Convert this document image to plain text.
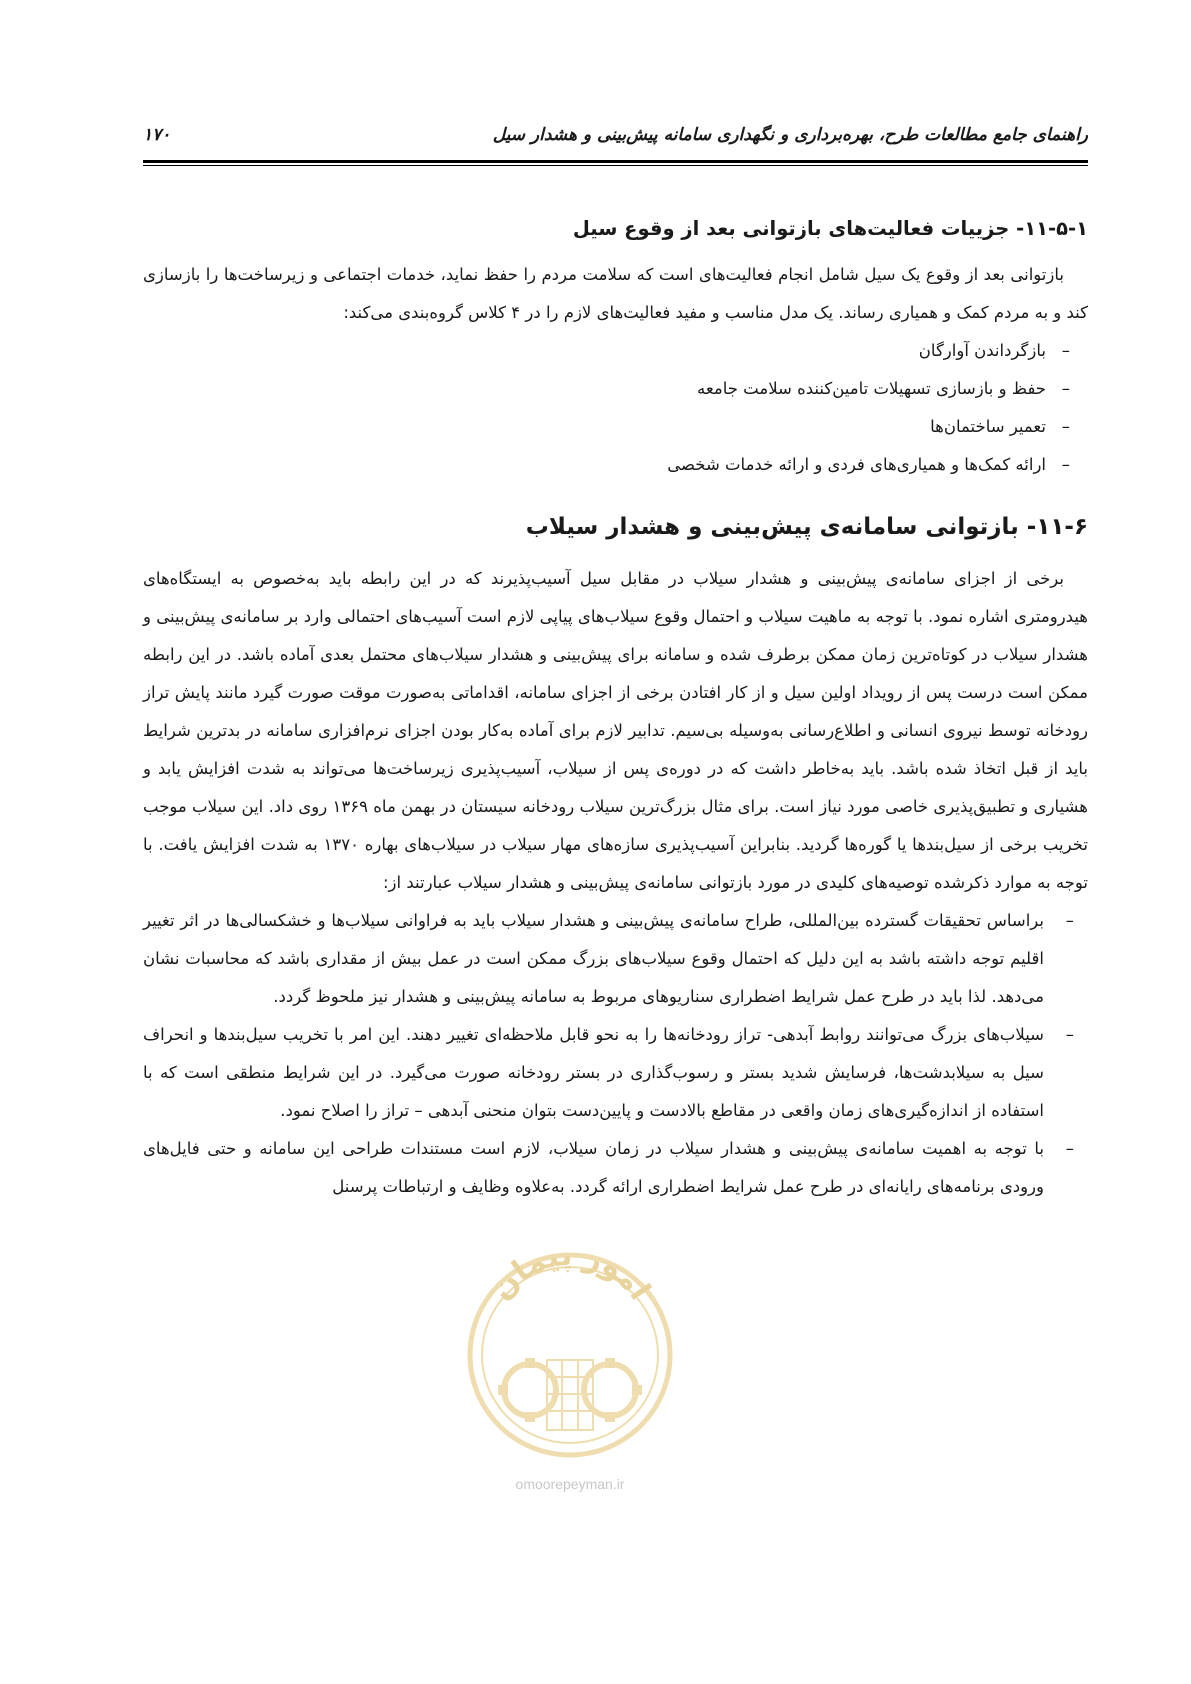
راهنمای جامع مطالعات طرح، بهره‌برداری و نگهداری سامانه پیش‌بینی و هشدار سیل
۱۷۰
۱۱-۵-۱- جزییات فعالیت‌های بازتوانی بعد از وقوع سیل

بازتوانی بعد از وقوع یک سیل شامل انجام فعالیت‌های است که سلامت مردم را حفظ نماید، خدمات اجتماعی و زیرساخت‌ها را بازسازی کند و به مردم کمک و همیاری رساند. یک مدل مناسب و مفید فعالیت‌های لازم را در ۴ کلاس گروه‌بندی می‌کند:

– بازگرداندن آوارگان
– حفظ و بازسازی تسهیلات تامین‌کننده سلامت جامعه
– تعمیر ساختمان‌ها
– ارائه کمک‌ها و همیاری‌های فردی و ارائه خدمات شخصی
۱۱-۶- بازتوانی سامانه‌ی پیش‌بینی و هشدار سیلاب

برخی از اجزای سامانه‌ی پیش‌بینی و هشدار سیلاب در مقابل سیل آسیب‌پذیرند که در این رابطه باید به‌خصوص به ایستگاه‌های هیدرومتری اشاره نمود. با توجه به ماهیت سیلاب و احتمال وقوع سیلاب‌های پیاپی لازم است آسیب‌های احتمالی وارد بر سامانه‌ی پیش‌بینی و هشدار سیلاب در کوتاه‌ترین زمان ممکن برطرف شده و سامانه برای پیش‌بینی و هشدار سیلاب‌های محتمل بعدی آماده باشد. در این رابطه ممکن است درست پس از رویداد اولین سیل و از کار افتادن برخی از اجزای سامانه، اقداماتی به‌صورت موقت صورت گیرد مانند پایش تراز رودخانه توسط نیروی انسانی و اطلاع‌رسانی به‌وسیله بی‌سیم. تدابیر لازم برای آماده به‌کار بودن اجزای نرم‌افزاری سامانه در بدترین شرایط باید از قبل اتخاذ شده باشد. باید به‌خاطر داشت که در دوره‌ی پس از سیلاب، آسیب‌پذیری زیرساخت‌ها می‌تواند به شدت افزایش یابد و هشیاری و تطبیق‌پذیری خاصی مورد نیاز است. برای مثال بزرگ‌ترین سیلاب رودخانه سیستان در بهمن ماه ۱۳۶۹ روی داد. این سیلاب موجب تخریب برخی از سیل‌بندها یا گوره‌ها گردید. بنابراین آسیب‌پذیری سازه‌های مهار سیلاب در سیلاب‌های بهاره ۱۳۷۰ به شدت افزایش یافت. با توجه به موارد ذکرشده توصیه‌های کلیدی در مورد بازتوانی سامانه‌ی پیش‌بینی و هشدار سیلاب عبارتند از:

– براساس تحقیقات گسترده بین‌المللی، طراح سامانه‌ی پیش‌بینی و هشدار سیلاب باید به فراوانی سیلاب‌ها و خشکسالی‌ها در اثر تغییر اقلیم توجه داشته باشد به این دلیل که احتمال وقوع سیلاب‌های بزرگ ممکن است در عمل بیش از مقداری باشد که محاسبات نشان می‌دهد. لذا باید در طرح عمل شرایط اضطراری سناریوهای مربوط به سامانه پیش‌بینی و هشدار نیز ملحوظ گردد.
– سیلاب‌های بزرگ می‌توانند روابط آبدهی- تراز رودخانه‌ها را به نحو قابل ملاحظه‌ای تغییر دهند. این امر با تخریب سیل‌بندها و انحراف سیل به سیلابدشت‌ها، فرسایش شدید بستر و رسوب‌گذاری در بستر رودخانه صورت می‌گیرد. در این شرایط منطقی است که با استفاده از اندازه‌گیری‌های زمان واقعی در مقاطع بالادست و پایین‌دست بتوان منحنی آبدهی – تراز را اصلاح نمود.
– با توجه به اهمیت سامانه‌ی پیش‌بینی و هشدار سیلاب در زمان سیلاب، لازم است مستندات طراحی این سامانه و حتی فایل‌های ورودی برنامه‌های رایانه‌ای در طرح عمل شرایط اضطراری ارائه گردد. به‌علاوه وظایف و ارتباطات پرسنل
امور پیمان
omoorepeyman.ir
